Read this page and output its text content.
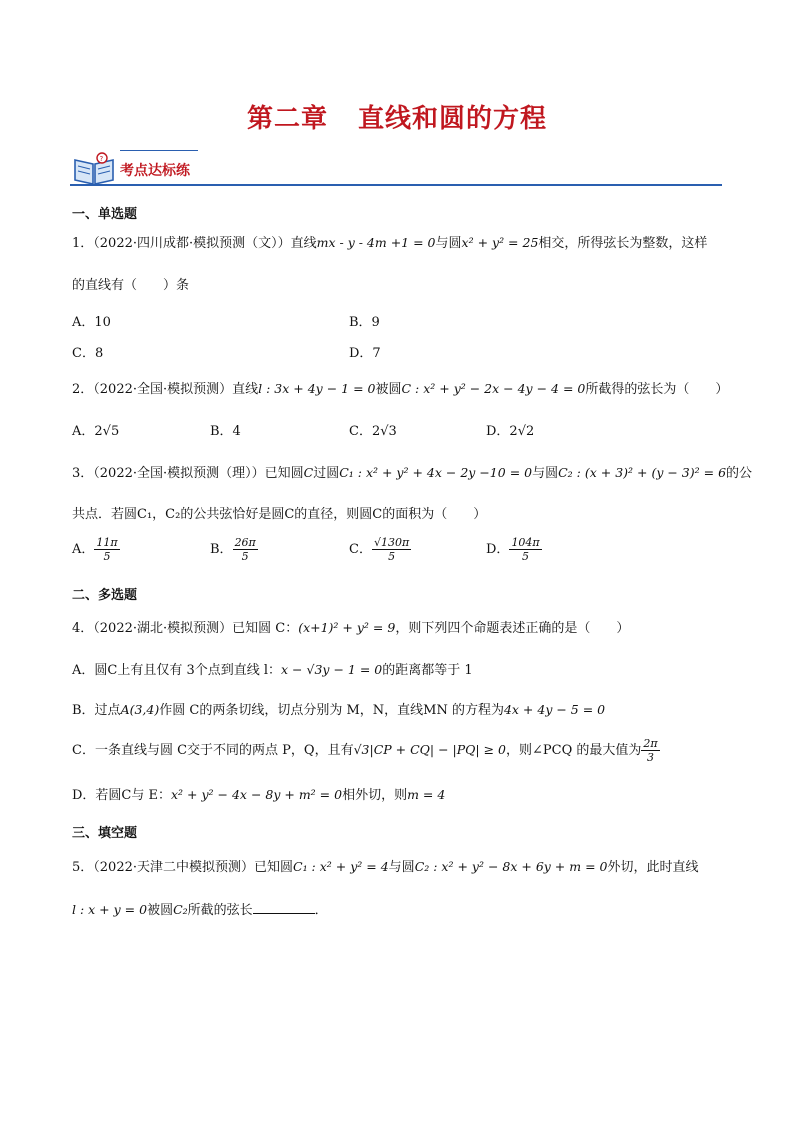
第二章 直线和圆的方程
?
考点达标练
一、单选题
1．（2022·四川成都·模拟预测（文））直线mx - y - 4m +1 = 0与圆x² + y² = 25相交，所得弦长为整数，这样
的直线有（　　）条
A．10	B．9
C．8	D．7
2．（2022·全国·模拟预测）直线l : 3x + 4y − 1 = 0被圆C : x² + y² − 2x − 4y − 4 = 0所截得的弦长为（　　）
A．2√5	B．4	C．2√3	D．2√2
3．（2022·全国·模拟预测（理））已知圆C过圆C₁ : x² + y² + 4x − 2y −10 = 0与圆C₂ : (x + 3)² + (y − 3)² = 6的公
共点．若圆C₁，C₂的公共弦恰好是圆C的直径，则圆C的面积为（　　）
A． $\frac{11\pi}{5}$	B． $\frac{26\pi}{5}$	C． $\frac{√130\pi}{5}$	D． $\frac{104\pi}{5}$
二、多选题
4．（2022·湖北·模拟预测）已知圆 C：(x+1)² + y² = 9，则下列四个命题表述正确的是（　　）
A．圆C上有且仅有 3个点到直线 l：x − √3y − 1 = 0的距离都等于 1
B．过点A(3,4)作圆 C的两条切线，切点分别为 M，N，直线MN 的方程为4x + 4y − 5 = 0
C．一条直线与圆 C交于不同的两点 P，Q，且有√3|CP + CQ| − |PQ| ≥ 0，则∠PCQ 的最大值为 $\frac{2\pi}{3}$
D．若圆C与 E：x² + y² − 4x − 8y + m² = 0相外切，则m = 4
三、填空题
5．（2022·天津二中模拟预测）已知圆C₁ : x² + y² = 4与圆C₂ : x² + y² − 8x + 6y + m = 0外切，此时直线
l : x + y = 0被圆C₂所截的弦长	．
